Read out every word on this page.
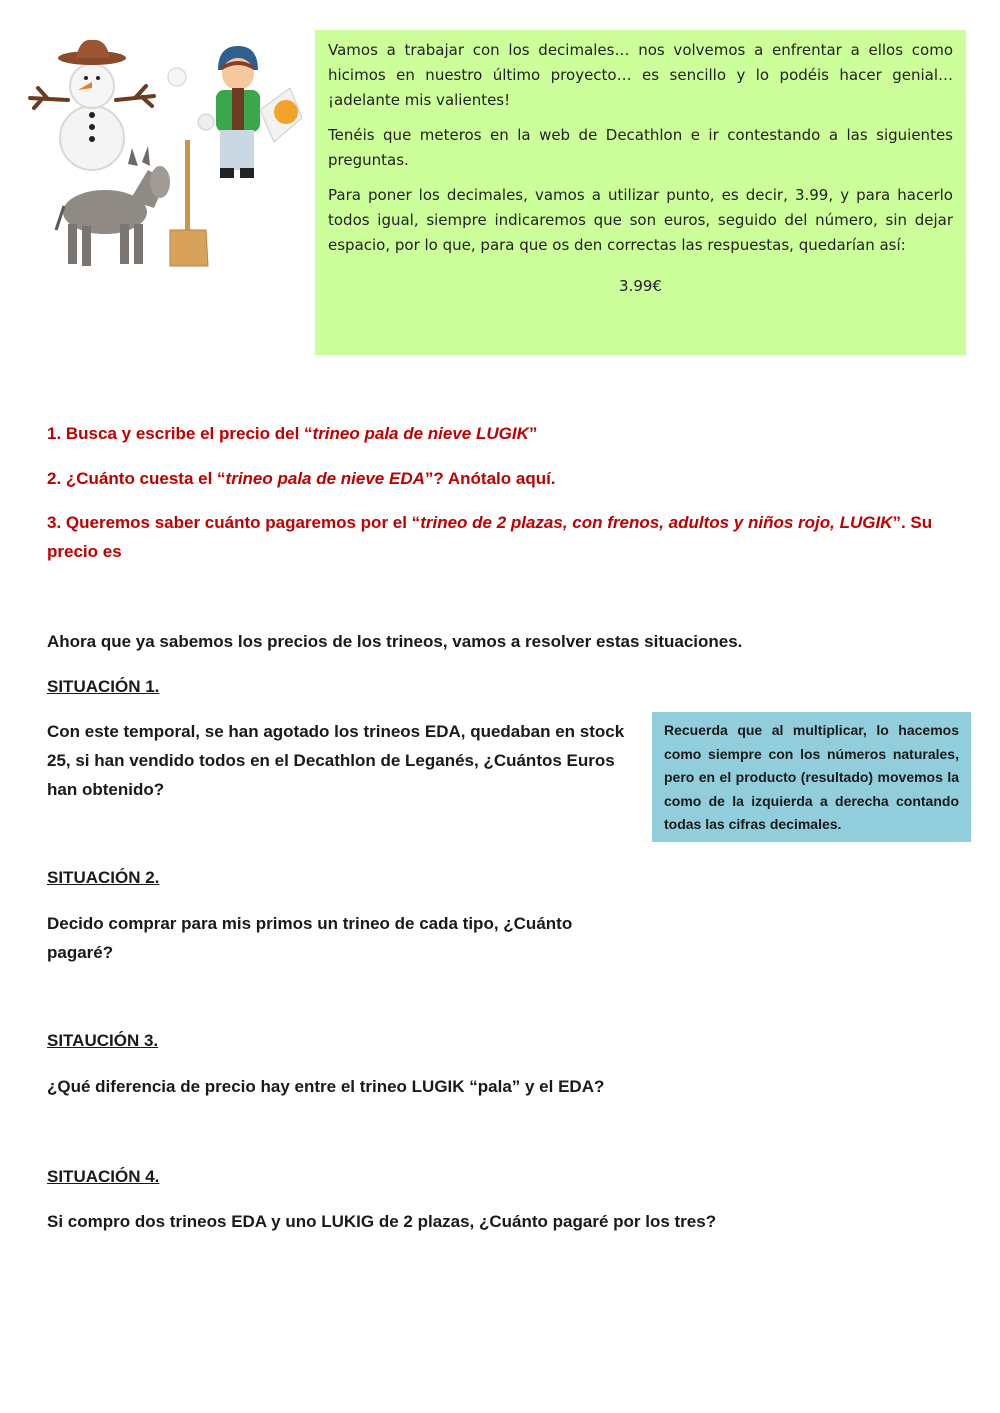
Vamos a trabajar con los decimales… nos volvemos a enfrentar a ellos como hicimos en nuestro último proyecto… es sencillo y lo podéis hacer genial… ¡adelante mis valientes!

Tenéis que meteros en la web de Decathlon e ir contestando a las siguientes preguntas.

Para poner los decimales, vamos a utilizar punto, es decir, 3.99, y para hacerlo todos igual, siempre indicaremos que son euros, seguido del número, sin dejar espacio, por lo que, para que os den correctas las respuestas, quedarían así:

3.99€

1. Busca y escribe el precio del “trineo pala de nieve LUGIK”

2. ¿Cuánto cuesta el “trineo pala de nieve EDA”? Anótalo aquí.

3. Queremos saber cuánto pagaremos por el “trineo de 2 plazas, con frenos, adultos y niños rojo, LUGIK”. Su precio es

Ahora que ya sabemos los precios de los trineos, vamos a resolver estas situaciones.

SITUACIÓN 1.

Con este temporal, se han agotado los trineos EDA, quedaban en stock 25, si han vendido todos en el Decathlon de Leganés, ¿Cuántos Euros han obtenido?

Recuerda que al multiplicar, lo hacemos como siempre con los números naturales, pero en el producto (resultado) movemos la como de la izquierda a derecha contando todas las cifras decimales.

SITUACIÓN 2.

Decido comprar para mis primos un trineo de cada tipo, ¿Cuánto pagaré?

SITAUCIÓN 3.

¿Qué diferencia de precio hay entre el trineo LUGIK “pala” y el EDA?

SITUACIÓN 4.

Si compro dos trineos EDA y uno LUKIG de 2 plazas, ¿Cuánto pagaré por los tres?
